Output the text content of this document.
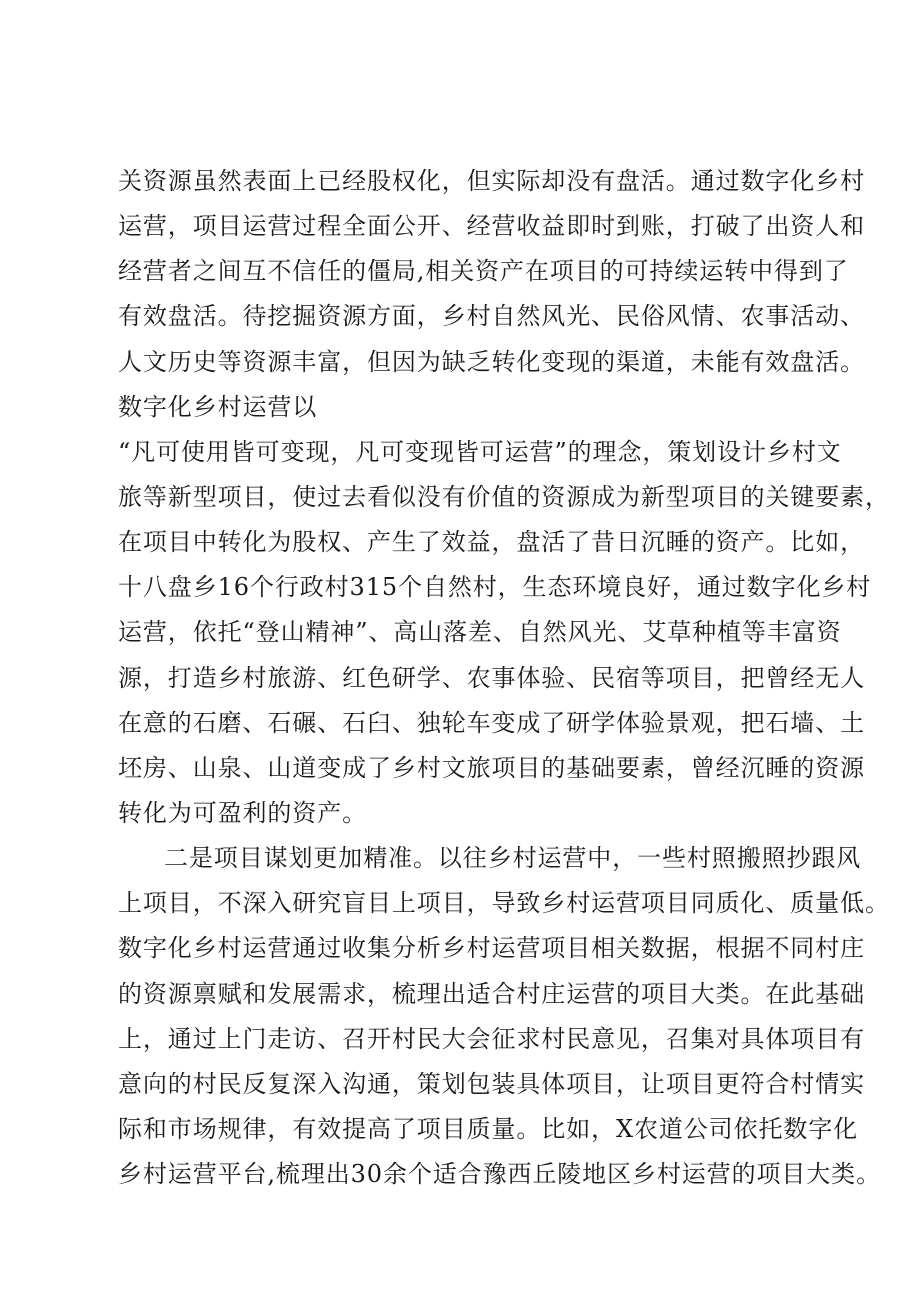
关资源虽然表面上已经股权化，但实际却没有盘活。通过数字化乡村
运营，项目运营过程全面公开、经营收益即时到账，打破了出资人和
经营者之间互不信任的僵局,相关资产在项目的可持续运转中得到了
有效盘活。待挖掘资源方面，乡村自然风光、民俗风情、农事活动、
人文历史等资源丰富，但因为缺乏转化变现的渠道，未能有效盘活。
数字化乡村运营以
“凡可使用皆可变现，凡可变现皆可运营”的理念，策划设计乡村文
旅等新型项目，使过去看似没有价值的资源成为新型项目的关键要素，
在项目中转化为股权、产生了效益，盘活了昔日沉睡的资产。比如，
十八盘乡16个行政村315个自然村，生态环境良好，通过数字化乡村
运营，依托“登山精神”、高山落差、自然风光、艾草种植等丰富资
源，打造乡村旅游、红色研学、农事体验、民宿等项目，把曾经无人
在意的石磨、石碾、石臼、独轮车变成了研学体验景观，把石墙、土
坯房、山泉、山道变成了乡村文旅项目的基础要素，曾经沉睡的资源
转化为可盈利的资产。
二是项目谋划更加精准。以往乡村运营中，一些村照搬照抄跟风
上项目，不深入研究盲目上项目，导致乡村运营项目同质化、质量低。
数字化乡村运营通过收集分析乡村运营项目相关数据，根据不同村庄
的资源禀赋和发展需求，梳理出适合村庄运营的项目大类。在此基础
上，通过上门走访、召开村民大会征求村民意见，召集对具体项目有
意向的村民反复深入沟通，策划包装具体项目，让项目更符合村情实
际和市场规律，有效提高了项目质量。比如，X农道公司依托数字化
乡村运营平台,梳理出30余个适合豫西丘陵地区乡村运营的项目大类。
